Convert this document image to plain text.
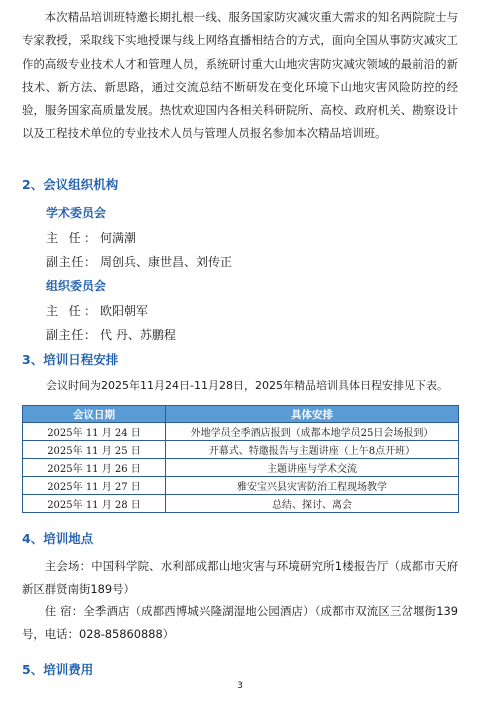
本次精品培训班特邀长期扎根一线、服务国家防灾减灾重大需求的知名两院院士与专家教授，采取线下实地授课与线上网络直播相结合的方式，面向全国从事防灾减灾工作的高级专业技术人才和管理人员，系统研讨重大山地灾害防灾减灾领域的最前沿的新技术、新方法、新思路，通过交流总结不断研发在变化环境下山地灾害风险防控的经验，服务国家高质量发展。热忱欢迎国内各相关科研院所、高校、政府机关、勘察设计以及工程技术单位的专业技术人员与管理人员报名参加本次精品培训班。

2、会议组织机构

学术委员会

主 任： 何满潮

副主任： 周创兵、康世昌、刘传正

组织委员会

主 任： 欧阳朝军

副主任： 代 丹、苏鹏程

3、培训日程安排

会议时间为2025年11月24日-11月28日，2025年精品培训具体日程安排见下表。

会议日期	具体安排
2025年 11 月 24 日	外地学员全季酒店报到（成都本地学员25日会场报到）
2025年 11 月 25 日	开幕式、特邀报告与主题讲座（上午8点开班）
2025年 11 月 26 日	主题讲座与学术交流
2025年 11 月 27 日	雅安宝兴县灾害防治工程现场教学
2025年 11 月 28 日	总结、探讨、离会

4、培训地点

主会场：中国科学院、水利部成都山地灾害与环境研究所1楼报告厅（成都市天府新区群贤南街189号）

住 宿：全季酒店（成都西博城兴隆湖湿地公园酒店）（成都市双流区三岔堰街139号，电话：028-85860888）

5、培训费用

3
